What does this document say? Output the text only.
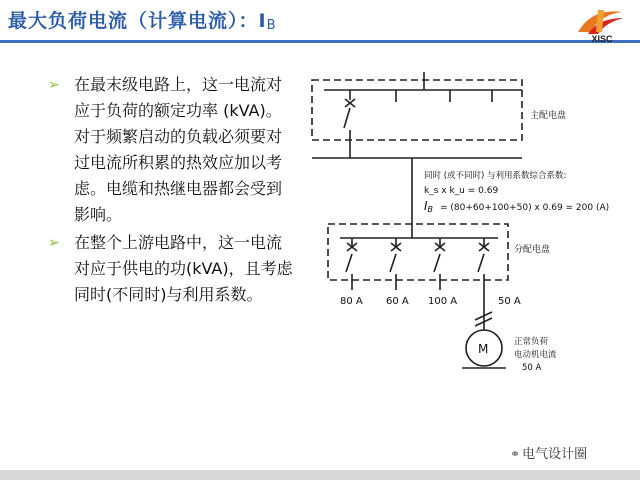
最大负荷电流（计算电流）：IB
XISC
➢ 在最末级电路上，这一电流对应于负荷的额定功率 (kVA)。对于频繁启动的负载必须要对过电流所积累的热效应加以考虑。电缆和热继电器都会受到影响。
➢ 在整个上游电路中，这一电流对应于供电的功(kVA)，且考虑同时(不同时)与利用系数。
主配电盘
同时 (或不同时) 与利用系数综合系数:
k_s x k_u = 0.69
IB = (80+60+100+50) x 0.69 = 200 (A)
分配电盘
80 A 60 A 100 A	50 A
M	正常负荷
电动机电流
50 A
⚭ 电气设计圈
